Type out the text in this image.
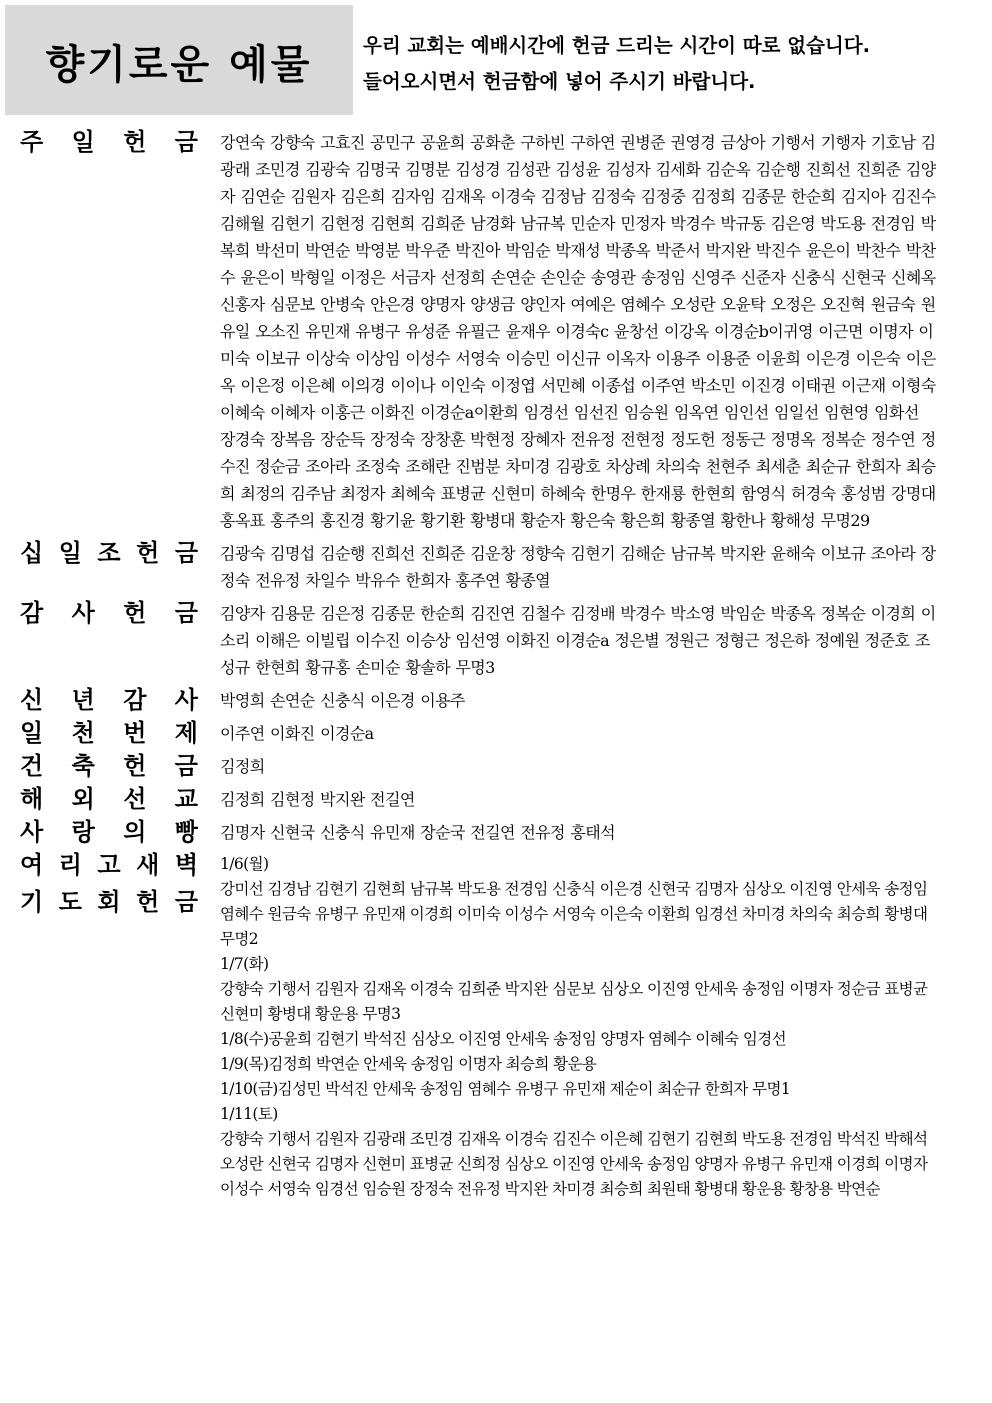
향기로운 예물	우리 교회는 예배시간에 헌금 드리는 시간이 따로 없습니다.
들어오시면서 헌금함에 넣어 주시기 바랍니다.
주 일 헌 금 강연숙 강향숙 고효진 공민구 공윤희 공화춘 구하빈 구하연 권병준 권영경 금상아 기행서 기행자 기호남 김광래 조민경 김광숙 김명국 김명분 김성경 김성관 김성윤 김성자 김세화 김순옥 김순행 진희선 진희준 김양자 김연순 김원자 김은희 김자임 김재옥 이경숙 김정남 김정숙 김정중 김정희 김종문 한순희 김지아 김진수 김해월 김현기 김현정 김현희 김희준 남경화 남규복 민순자 민정자 박경수 박규동 김은영 박도용 전경임 박복희 박선미 박연순 박영분 박우준 박진아 박임순 박재성 박종옥 박준서 박지완 박진수 윤은이 박찬수 박찬수 윤은이 박형일 이정은 서금자 선정희 손연순 손인순 송영관 송정임 신영주 신준자 신충식 신현국 신혜옥 신홍자 심문보 안병숙 안은경 양명자 양생금 양인자 여예은 염혜수 오성란 오윤탁 오정은 오진혁 원금숙 원유일 오소진 유민재 유병구 유성준 유필근 윤재우 이경숙c 윤창선 이강옥 이경순b이귀영 이근면 이명자 이미숙 이보규 이상숙 이상임 이성수 서영숙 이승민 이신규 이옥자 이용주 이용준 이윤희 이은경 이은숙 이은옥 이은정 이은혜 이의경 이이나 이인숙 이정엽 서민혜 이종섭 이주연 박소민 이진경 이태권 이근재 이형숙 이혜숙 이혜자 이홍근 이화진 이경순a이환희 임경선 임선진 임승원 임옥연 임인선 임일선 임현영 임화선 장경숙 장복음 장순득 장정숙 장창훈 박현정 장혜자 전유정 전현정 정도헌 정동근 정명옥 정복순 정수연 정수진 정순금 조아라 조정숙 조해란 진범분 차미경 김광호 차상례 차의숙 천현주 최세춘 최순규 한희자 최승희 최정의 김주남 최정자 최혜숙 표병균 신현미 하혜숙 한명우 한재룡 한현희 함영식 허경숙 홍성범 강명대 홍옥표 홍주의 홍진경 황기윤 황기환 황병대 황순자 황은숙 황은희 황종열 황한나 황해성 무명29
십 일 조 헌 금 김광숙 김명섭 김순행 진희선 진희준 김운창 정향숙 김현기 김해순 남규복 박지완 윤해숙 이보규 조아라 장정숙 전유정 차일수 박유수 한희자 홍주연 황종열
감 사 헌 금 김양자 김용문 김은정 김종문 한순희 김진연 김철수 김정배 박경수 박소영 박임순 박종옥 정복순 이경희 이소리 이해은 이빌립 이수진 이승상 임선영 이화진 이경순a 정은별 정원근 정형근 정은하 정예원 정준호 조성규 한현희 황규홍 손미순 황솔하 무명3
신 년 감 사 박영희 손연순 신충식 이은경 이용주
일 천 번 제 이주연 이화진 이경순a
건 축 헌 금 김정희
해 외 선 교 김정희 김현정 박지완 전길연
사 랑 의 빵 김명자 신현국 신충식 유민재 장순국 전길연 전유정 홍태석
여 리 고 새 벽
기 도 회 헌 금
1/6(월)
강미선 김경남 김현기 김현희 남규복 박도용 전경임 신충식 이은경 신현국 김명자 심상오 이진영 안세욱 송정임 염혜수 원금숙 유병구 유민재 이경희 이미숙 이성수 서영숙 이은숙 이환희 임경선 차미경 차의숙 최승희 황병대 무명2
1/7(화)
강향숙 기행서 김원자 김재옥 이경숙 김희준 박지완 심문보 심상오 이진영 안세욱 송정임 이명자 정순금 표병균 신현미 황병대 황운용 무명3
1/8(수)공윤희 김현기 박석진 심상오 이진영 안세욱 송정임 양명자 염혜수 이혜숙 임경선
1/9(목)김정희 박연순 안세욱 송정임 이명자 최승희 황운용
1/10(금)김성민 박석진 안세욱 송정임 염혜수 유병구 유민재 제순이 최순규 한희자 무명1
1/11(토)
강향숙 기행서 김원자 김광래 조민경 김재옥 이경숙 김진수 이은혜 김현기 김현희 박도용 전경임 박석진 박해석 오성란 신현국 김명자 신현미 표병균 신희정 심상오 이진영 안세욱 송정임 양명자 유병구 유민재 이경희 이명자 이성수 서영숙 임경선 임승원 장정숙 전유정 박지완 차미경 최승희 최원태 황병대 황운용 황창용 박연순
